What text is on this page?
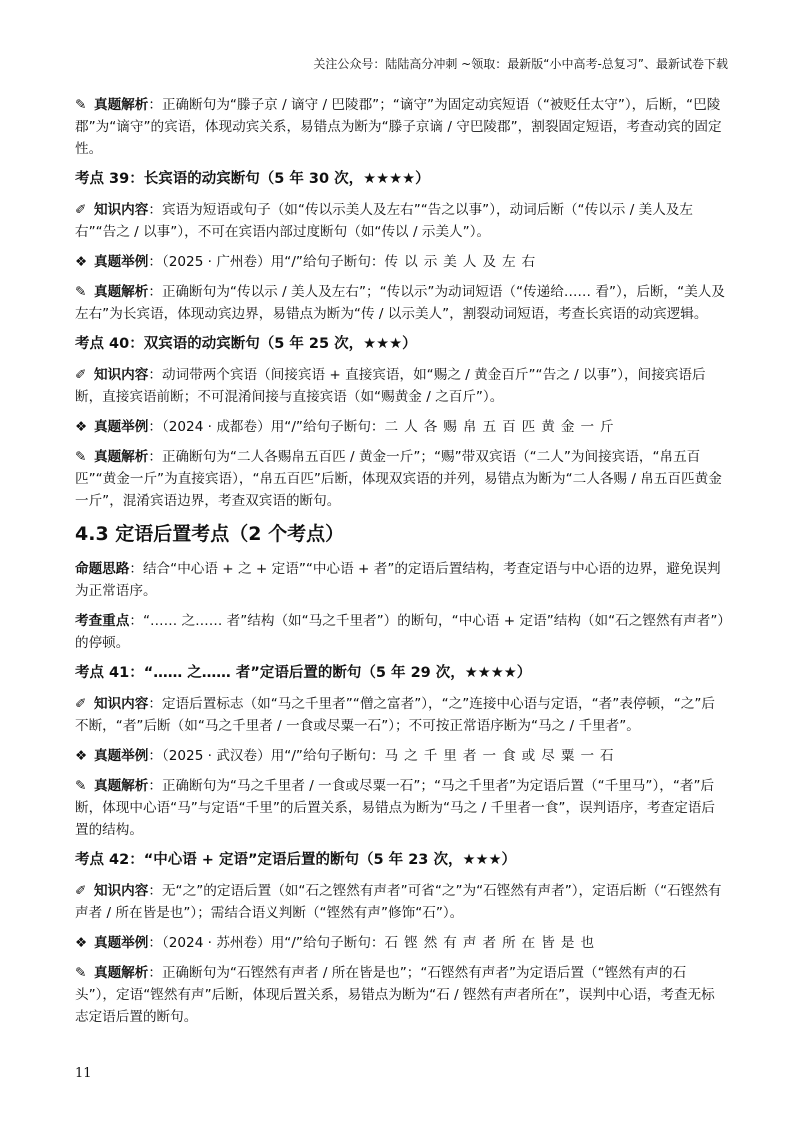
关注公众号：陆陆高分冲刺 ~领取：最新版“小中高考-总复习”、最新试卷下载

✎ 真题解析：正确断句为“滕子京 / 谪守 / 巴陵郡”；“谪守”为固定动宾短语（“被贬任太守”），后断，“巴陵郡”为“谪守”的宾语，体现动宾关系，易错点为断为“滕子京谪 / 守巴陵郡”，割裂固定短语，考查动宾的固定性。

考点 39：长宾语的动宾断句（5 年 30 次，★★★★）

✐ 知识内容：宾语为短语或句子（如“传以示美人及左右”“告之以事”），动词后断（“传以示 / 美人及左右”“告之 / 以事”），不可在宾语内部过度断句（如“传以 / 示美人”）。

❖ 真题举例：（2025 · 广州卷）用“/”给句子断句：传以示美人及左右

✎ 真题解析：正确断句为“传以示 / 美人及左右”；“传以示”为动词短语（“传递给…… 看”），后断，“美人及左右”为长宾语，体现动宾边界，易错点为断为“传 / 以示美人”，割裂动词短语，考查长宾语的动宾逻辑。

考点 40：双宾语的动宾断句（5 年 25 次，★★★）

✐ 知识内容：动词带两个宾语（间接宾语 + 直接宾语，如“赐之 / 黄金百斤”“告之 / 以事”），间接宾语后断，直接宾语前断；不可混淆间接与直接宾语（如“赐黄金 / 之百斤”）。

❖ 真题举例：（2024 · 成都卷）用“/”给句子断句：二人各赐帛五百匹黄金一斤

✎ 真题解析：正确断句为“二人各赐帛五百匹 / 黄金一斤”；“赐”带双宾语（“二人”为间接宾语，“帛五百匹”“黄金一斤”为直接宾语），“帛五百匹”后断，体现双宾语的并列，易错点为断为“二人各赐 / 帛五百匹黄金一斤”，混淆宾语边界，考查双宾语的断句。

4.3 定语后置考点（2 个考点）

命题思路：结合“中心语 + 之 + 定语”“中心语 + 者”的定语后置结构，考查定语与中心语的边界，避免误判为正常语序。

考查重点：“…… 之…… 者”结构（如“马之千里者”）的断句，“中心语 + 定语”结构（如“石之铿然有声者”）的停顿。

考点 41：“…… 之…… 者”定语后置的断句（5 年 29 次，★★★★）

✐ 知识内容：定语后置标志（如“马之千里者”“僧之富者”），“之”连接中心语与定语，“者”表停顿，“之”后不断，“者”后断（如“马之千里者 / 一食或尽粟一石”）；不可按正常语序断为“马之 / 千里者”。

❖ 真题举例：（2025 · 武汉卷）用“/”给句子断句：马之千里者一食或尽粟一石

✎ 真题解析：正确断句为“马之千里者 / 一食或尽粟一石”；“马之千里者”为定语后置（“千里马”），“者”后断，体现中心语“马”与定语“千里”的后置关系，易错点为断为“马之 / 千里者一食”，误判语序，考查定语后置的结构。

考点 42：“中心语 + 定语”定语后置的断句（5 年 23 次，★★★）

✐ 知识内容：无“之”的定语后置（如“石之铿然有声者”可省“之”为“石铿然有声者”），定语后断（“石铿然有声者 / 所在皆是也”）；需结合语义判断（“铿然有声”修饰“石”）。

❖ 真题举例：（2024 · 苏州卷）用“/”给句子断句：石铿然有声者所在皆是也

✎ 真题解析：正确断句为“石铿然有声者 / 所在皆是也”；“石铿然有声者”为定语后置（“铿然有声的石头”），定语“铿然有声”后断，体现后置关系，易错点为断为“石 / 铿然有声者所在”，误判中心语，考查无标志定语后置的断句。

11
